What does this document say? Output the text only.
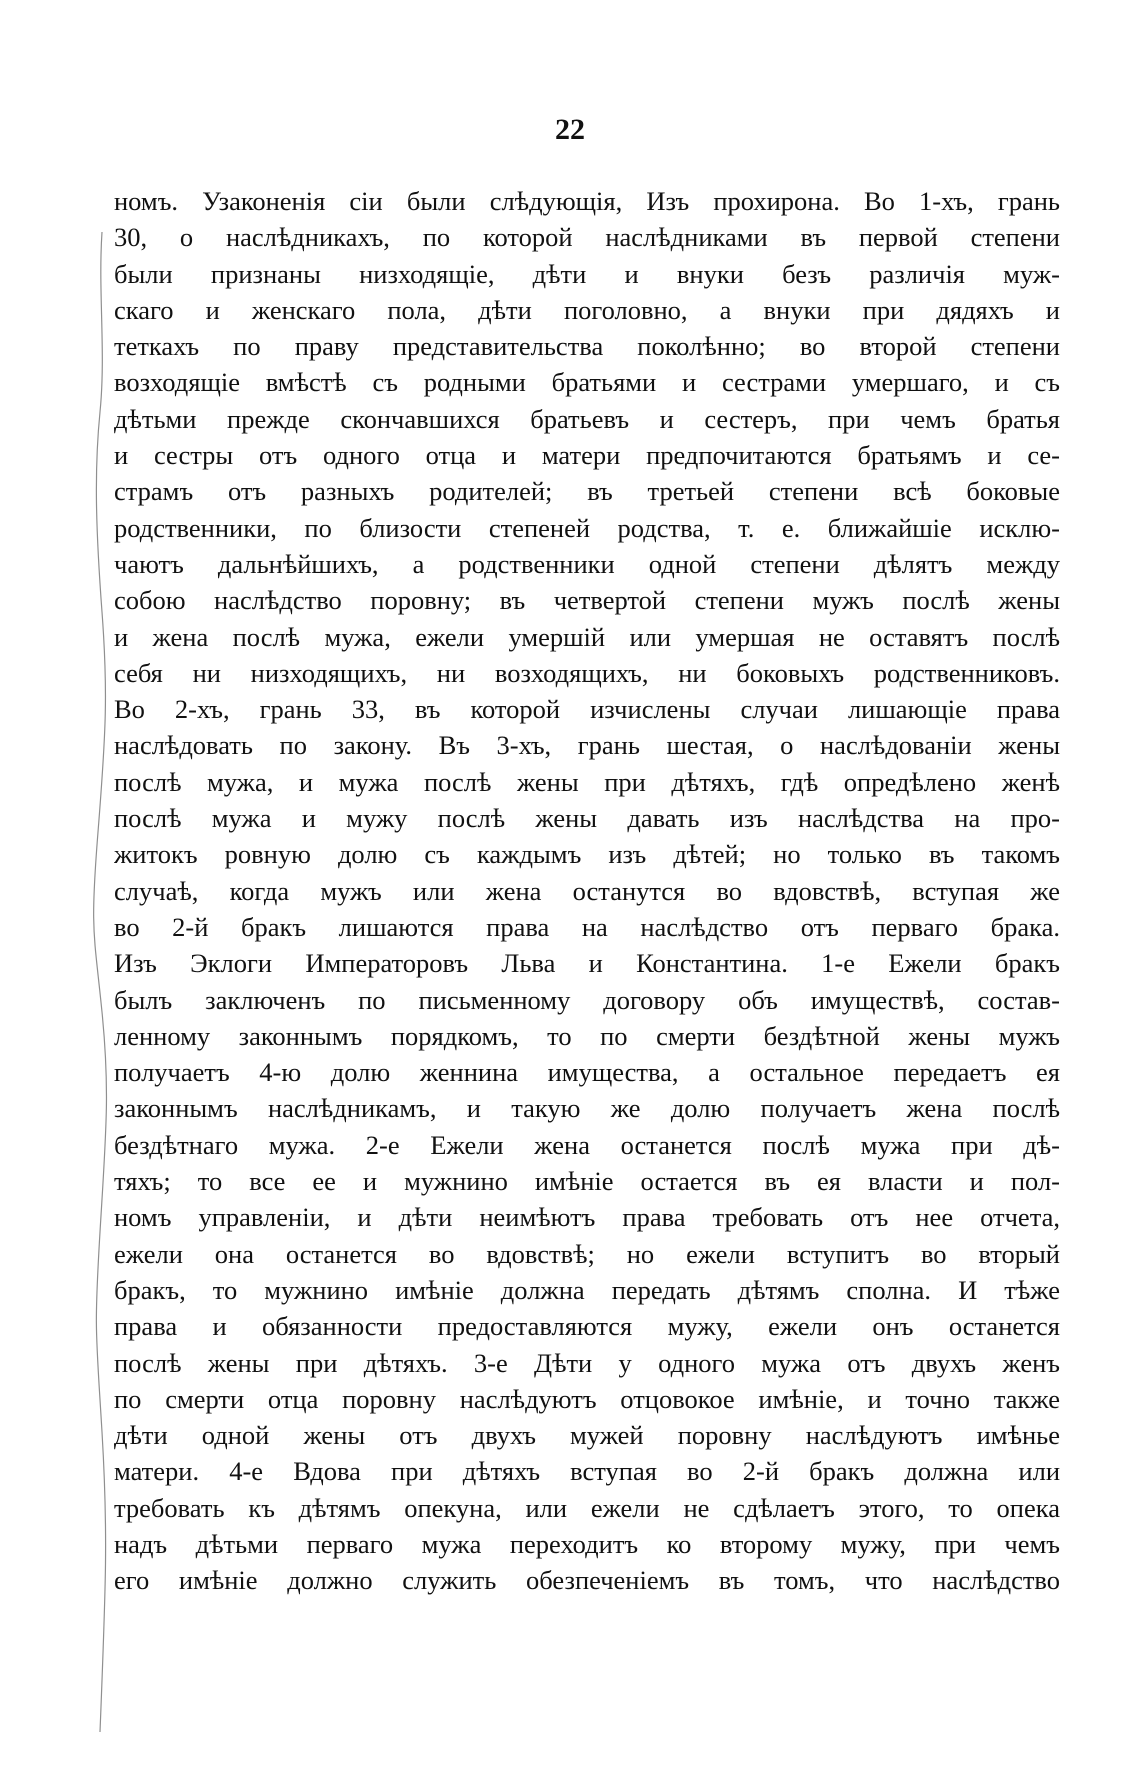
22
номъ. Узаконенія сіи были слѣдующія, Изъ прохирона. Во 1-хъ, грань
30, о наслѣдникахъ, по которой наслѣдниками въ первой степени
были признаны низходящіе, дѣти и внуки безъ различія муж-
скаго и женскаго пола, дѣти поголовно, а внуки при дядяхъ и
теткахъ по праву представительства поколѣнно; во второй степени
возходящіе вмѣстѣ съ родными братьями и сестрами умершаго, и съ
дѣтьми прежде скончавшихся братьевъ и сестеръ, при чемъ братья
и сестры отъ одного отца и матери предпочитаются братьямъ и се-
страмъ отъ разныхъ родителей; въ третьей степени всѣ боковые
родственники, по близости степеней родства, т. е. ближайшіе исклю-
чаютъ дальнѣйшихъ, а родственники одной степени дѣлятъ между
собою наслѣдство поровну; въ четвертой степени мужъ послѣ жены
и жена послѣ мужа, ежели умершій или умершая не оставятъ послѣ
себя ни низходящихъ, ни возходящихъ, ни боковыхъ родственниковъ.
Во 2-хъ, грань 33, въ которой изчислены случаи лишающіе права
наслѣдовать по закону. Въ 3-хъ, грань шестая, о наслѣдованіи жены
послѣ мужа, и мужа послѣ жены при дѣтяхъ, гдѣ опредѣлено женѣ
послѣ мужа и мужу послѣ жены давать изъ наслѣдства на про-
житокъ ровную долю съ каждымъ изъ дѣтей; но только въ такомъ
случаѣ, когда мужъ или жена останутся во вдовствѣ, вступая же
во 2-й бракъ лишаются права на наслѣдство отъ перваго брака.
Изъ Эклоги Императоровъ Льва и Константина. 1-е Ежели бракъ
былъ заключенъ по письменному договору объ имуществѣ, состав-
ленному законнымъ порядкомъ, то по смерти бездѣтной жены мужъ
получаетъ 4-ю долю женнина имущества, а остальное передаетъ ея
законнымъ наслѣдникамъ, и такую же долю получаетъ жена послѣ
бездѣтнаго мужа. 2-е Ежели жена останется послѣ мужа при дѣ-
тяхъ; то все ее и мужнино имѣніе остается въ ея власти и пол-
номъ управленіи, и дѣти неимѣютъ права требовать отъ нее отчета,
ежели она останется во вдовствѣ; но ежели вступитъ во вторый
бракъ, то мужнино имѣніе должна передать дѣтямъ сполна. И тѣже
права и обязанности предоставляются мужу, ежели онъ останется
послѣ жены при дѣтяхъ. 3-е Дѣти у одного мужа отъ двухъ женъ
по смерти отца поровну наслѣдуютъ отцовокое имѣніе, и точно также
дѣти одной жены отъ двухъ мужей поровну наслѣдуютъ имѣнье
матери. 4-е Вдова при дѣтяхъ вступая во 2-й бракъ должна или
требовать къ дѣтямъ опекуна, или ежели не сдѣлаетъ этого, то опека
надъ дѣтьми перваго мужа переходитъ ко второму мужу, при чемъ
его имѣніе должно служить обезпеченіемъ въ томъ, что наслѣдство
